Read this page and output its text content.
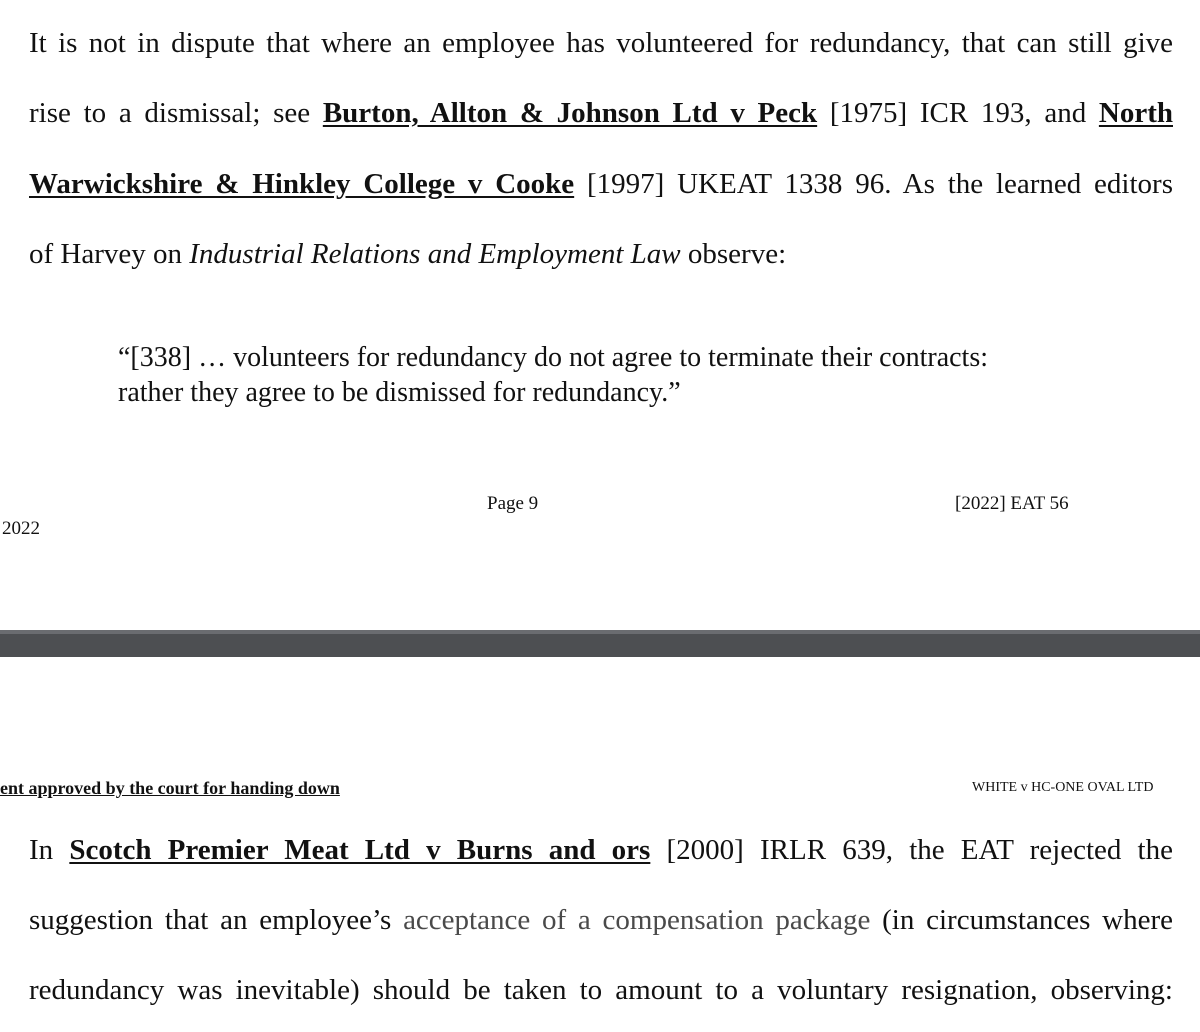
It is not in dispute that where an employee has volunteered for redundancy, that can still give
rise to a dismissal; see Burton, Allton & Johnson Ltd v Peck [1975] ICR 193, and North
Warwickshire & Hinkley College v Cooke [1997] UKEAT 1338 96. As the learned editors
of Harvey on Industrial Relations and Employment Law observe:
“[338] … volunteers for redundancy do not agree to terminate their contracts:
rather they agree to be dismissed for redundancy.”
Page 9	[2022] EAT 56
2022
ent approved by the court for handing down	WHITE v HC-ONE OVAL LTD
In Scotch Premier Meat Ltd v Burns and ors [2000] IRLR 639, the EAT rejected the
suggestion that an employee’s acceptance of a compensation package (in circumstances where
redundancy was inevitable) should be taken to amount to a voluntary resignation, observing:
